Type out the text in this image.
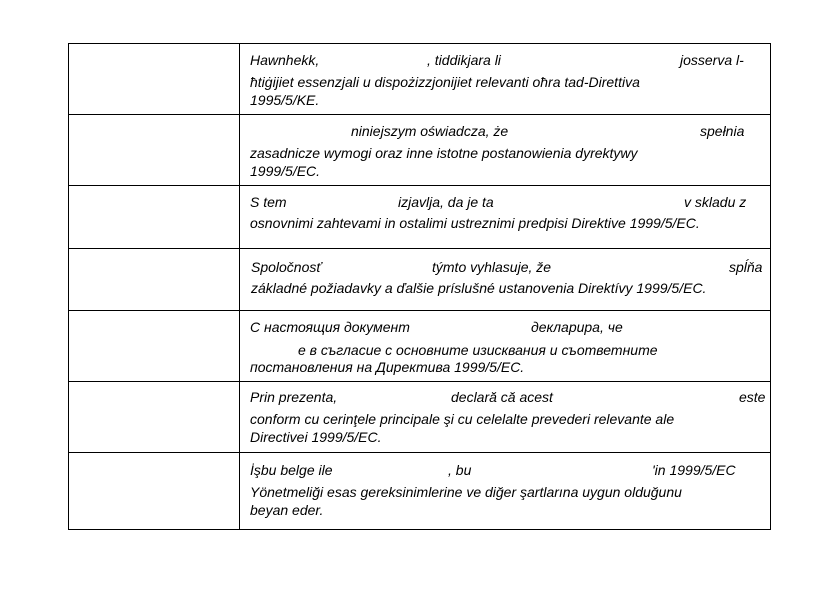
	Hawnhekk, , tiddikjara li josserva l-
ħtiġijiet essenzjali u dispożizzjonijiet relevanti oħra tad-Direttiva
1995/5/KE.

	niniejszym oświadcza, że spełnia
zasadnicze wymogi oraz inne istotne postanowienia dyrektywy
1999/5/EC.

	S tem izjavlja, da je ta v skladu z
osnovnimi zahtevami in ostalimi ustreznimi predpisi Direktive 1999/5/EC.

	Spoločnosť týmto vyhlasuje, že spĺňa
základné požiadavky a ďalšie príslušné ustanovenia Direktívy 1999/5/EC.

	С настоящия документ декларира, че
е в съгласие с основните изисквания и съответните
постановления на Директива 1999/5/ЕС.

	Prin prezenta, declară că acest este
conform cu cerinţele principale şi cu celelalte prevederi relevante ale
Directivei 1999/5/EC.

	İşbu belge ile , bu 'in 1999/5/EC
Yönetmeliği esas gereksinimlerine ve diğer şartlarına uygun olduğunu
beyan eder.
